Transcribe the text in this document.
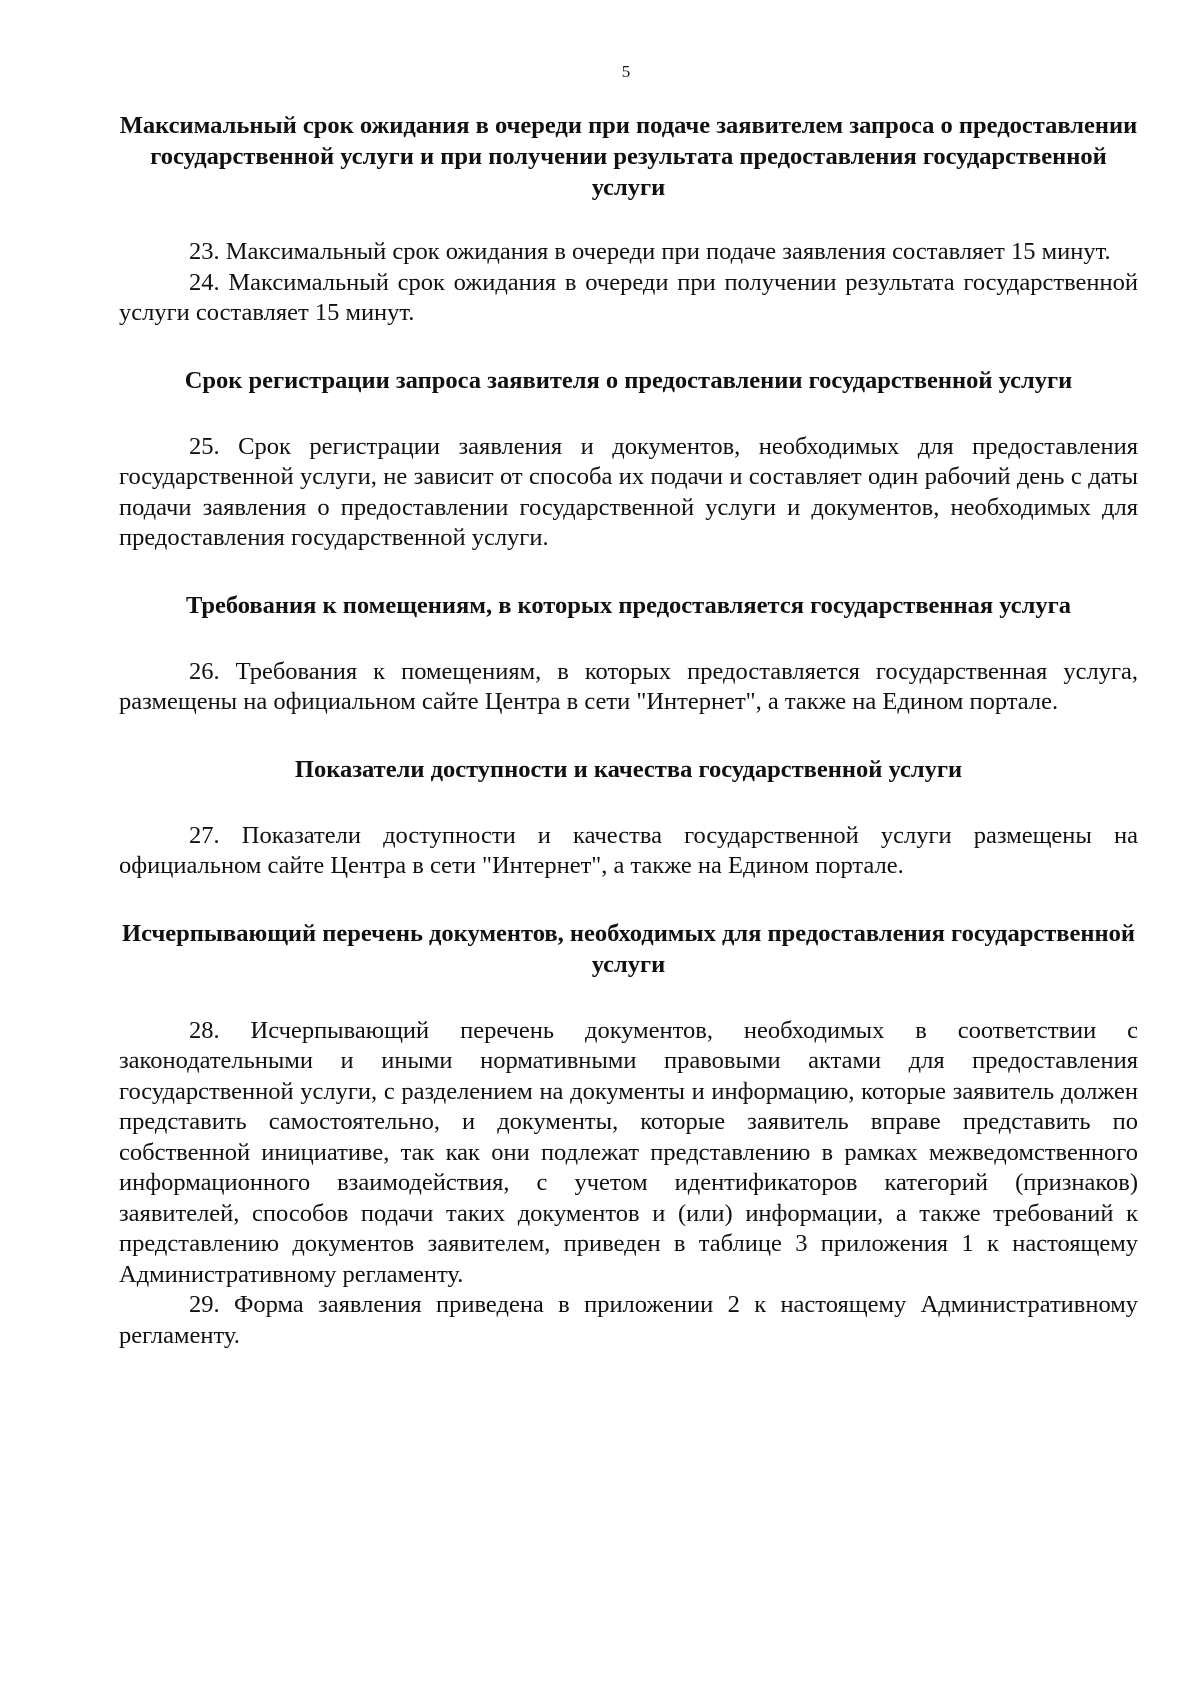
5
Максимальный срок ожидания в очереди при подаче заявителем запроса о предоставлении государственной услуги и при получении результата предоставления государственной услуги

23. Максимальный срок ожидания в очереди при подаче заявления составляет 15 минут.

24. Максимальный срок ожидания в очереди при получении результата государственной услуги составляет 15 минут.

Срок регистрации запроса заявителя о предоставлении государственной услуги

25. Срок регистрации заявления и документов, необходимых для предоставления государственной услуги, не зависит от способа их подачи и составляет один рабочий день с даты подачи заявления о предоставлении государственной услуги и документов, необходимых для предоставления государственной услуги.

Требования к помещениям, в которых предоставляется государственная услуга

26. Требования к помещениям, в которых предоставляется государственная услуга, размещены на официальном сайте Центра в сети "Интернет", а также на Едином портале.

Показатели доступности и качества государственной услуги

27. Показатели доступности и качества государственной услуги размещены на официальном сайте Центра в сети "Интернет", а также на Едином портале.

Исчерпывающий перечень документов, необходимых для предоставления государственной услуги

28. Исчерпывающий перечень документов, необходимых в соответствии с законодательными и иными нормативными правовыми актами для предоставления государственной услуги, с разделением на документы и информацию, которые заявитель должен представить самостоятельно, и документы, которые заявитель вправе представить по собственной инициативе, так как они подлежат представлению в рамках межведомственного информационного взаимодействия, с учетом идентификаторов категорий (признаков) заявителей, способов подачи таких документов и (или) информации, а также требований к представлению документов заявителем, приведен в таблице 3 приложения 1 к настоящему Административному регламенту.

29. Форма заявления приведена в приложении 2 к настоящему Административному регламенту.
